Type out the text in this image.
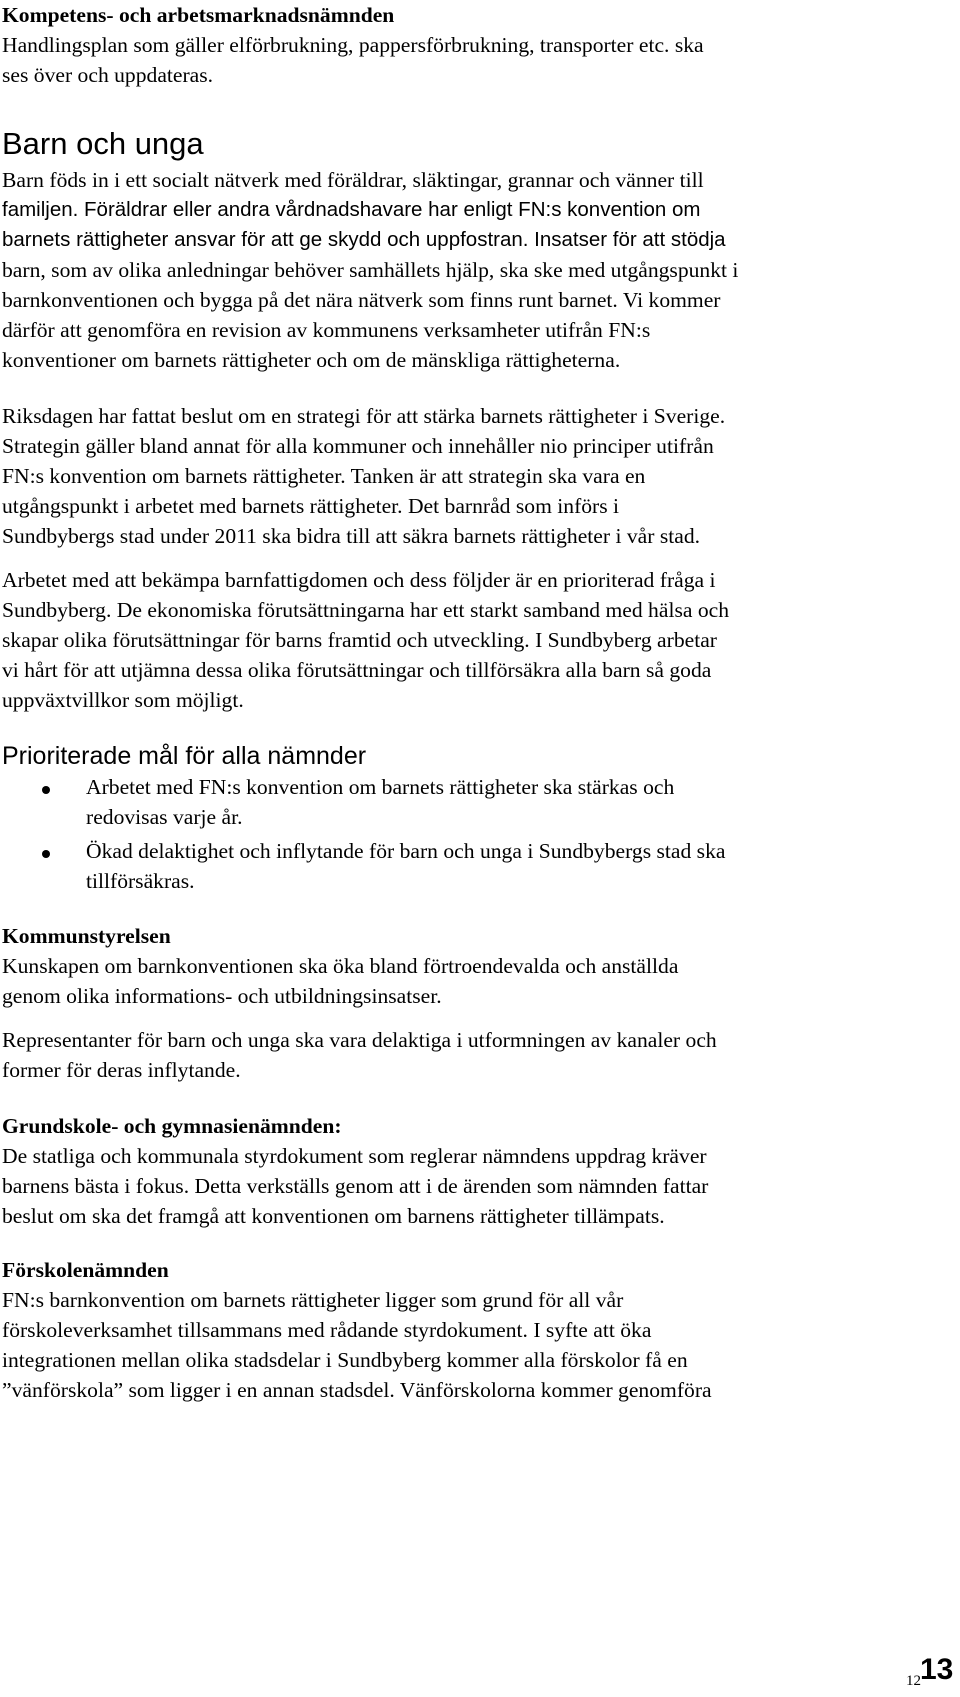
Kompetens- och arbetsmarknadsnämnden
Handlingsplan som gäller elförbrukning, pappersförbrukning, transporter etc. ska
ses över och uppdateras.
Barn och unga
Barn föds in i ett socialt nätverk med föräldrar, släktingar, grannar och vänner till
familjen. Föräldrar eller andra vårdnadshavare har enligt FN:s konvention om
barnets rättigheter ansvar för att ge skydd och uppfostran. Insatser för att stödja
barn, som av olika anledningar behöver samhällets hjälp, ska ske med utgångspunkt i
barnkonventionen och bygga på det nära nätverk som finns runt barnet. Vi kommer
därför att genomföra en revision av kommunens verksamheter utifrån FN:s
konventioner om barnets rättigheter och om de mänskliga rättigheterna.
Riksdagen har fattat beslut om en strategi för att stärka barnets rättigheter i Sverige.
Strategin gäller bland annat för alla kommuner och innehåller nio principer utifrån
FN:s konvention om barnets rättigheter. Tanken är att strategin ska vara en
utgångspunkt i arbetet med barnets rättigheter. Det barnråd som införs i
Sundbybergs stad under 2011 ska bidra till att säkra barnets rättigheter i vår stad.
Arbetet med att bekämpa barnfattigdomen och dess följder är en prioriterad fråga i
Sundbyberg. De ekonomiska förutsättningarna har ett starkt samband med hälsa och
skapar olika förutsättningar för barns framtid och utveckling. I Sundbyberg arbetar
vi hårt för att utjämna dessa olika förutsättningar och tillförsäkra alla barn så goda
uppväxtvillkor som möjligt.
Prioriterade mål för alla nämnder
Arbetet med FN:s konvention om barnets rättigheter ska stärkas och
redovisas varje år.
Ökad delaktighet och inflytande för barn och unga i Sundbybergs stad ska
tillförsäkras.
Kommunstyrelsen
Kunskapen om barnkonventionen ska öka bland förtroendevalda och anställda
genom olika informations- och utbildningsinsatser.
Representanter för barn och unga ska vara delaktiga i utformningen av kanaler och
former för deras inflytande.
Grundskole- och gymnasienämnden:
De statliga och kommunala styrdokument som reglerar nämndens uppdrag kräver
barnens bästa i fokus. Detta verkställs genom att i de ärenden som nämnden fattar
beslut om ska det framgå att konventionen om barnens rättigheter tillämpats.
Förskolenämnden
FN:s barnkonvention om barnets rättigheter ligger som grund för all vår
förskoleverksamhet tillsammans med rådande styrdokument. I syfte att öka
integrationen mellan olika stadsdelar i Sundbyberg kommer alla förskolor få en
”vänförskola” som ligger i en annan stadsdel. Vänförskolorna kommer genomföra
12 13
